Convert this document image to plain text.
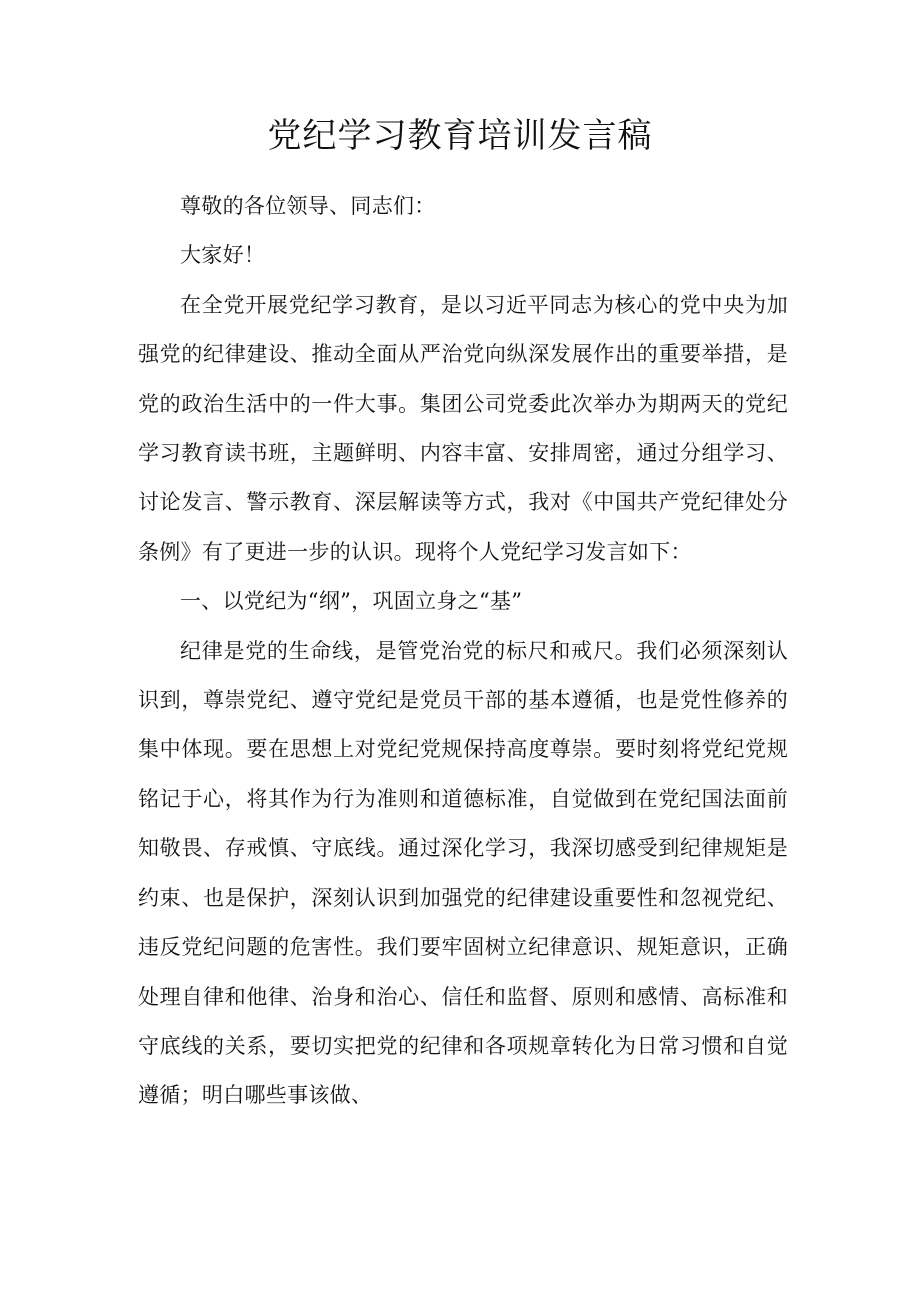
党纪学习教育培训发言稿

尊敬的各位领导、同志们：

大家好！

在全党开展党纪学习教育，是以习近平同志为核心的党中央为加强党的纪律建设、推动全面从严治党向纵深发展作出的重要举措，是党的政治生活中的一件大事。集团公司党委此次举办为期两天的党纪学习教育读书班，主题鲜明、内容丰富、安排周密，通过分组学习、讨论发言、警示教育、深层解读等方式，我对《中国共产党纪律处分条例》有了更进一步的认识。现将个人党纪学习发言如下：

一、以党纪为“纲”，巩固立身之“基”

纪律是党的生命线，是管党治党的标尺和戒尺。我们必须深刻认识到，尊崇党纪、遵守党纪是党员干部的基本遵循，也是党性修养的集中体现。要在思想上对党纪党规保持高度尊崇。要时刻将党纪党规铭记于心，将其作为行为准则和道德标准，自觉做到在党纪国法面前知敬畏、存戒慎、守底线。通过深化学习，我深切感受到纪律规矩是约束、也是保护，深刻认识到加强党的纪律建设重要性和忽视党纪、违反党纪问题的危害性。我们要牢固树立纪律意识、规矩意识，正确处理自律和他律、治身和治心、信任和监督、原则和感情、高标准和守底线的关系，要切实把党的纪律和各项规章转化为日常习惯和自觉遵循；明白哪些事该做、
